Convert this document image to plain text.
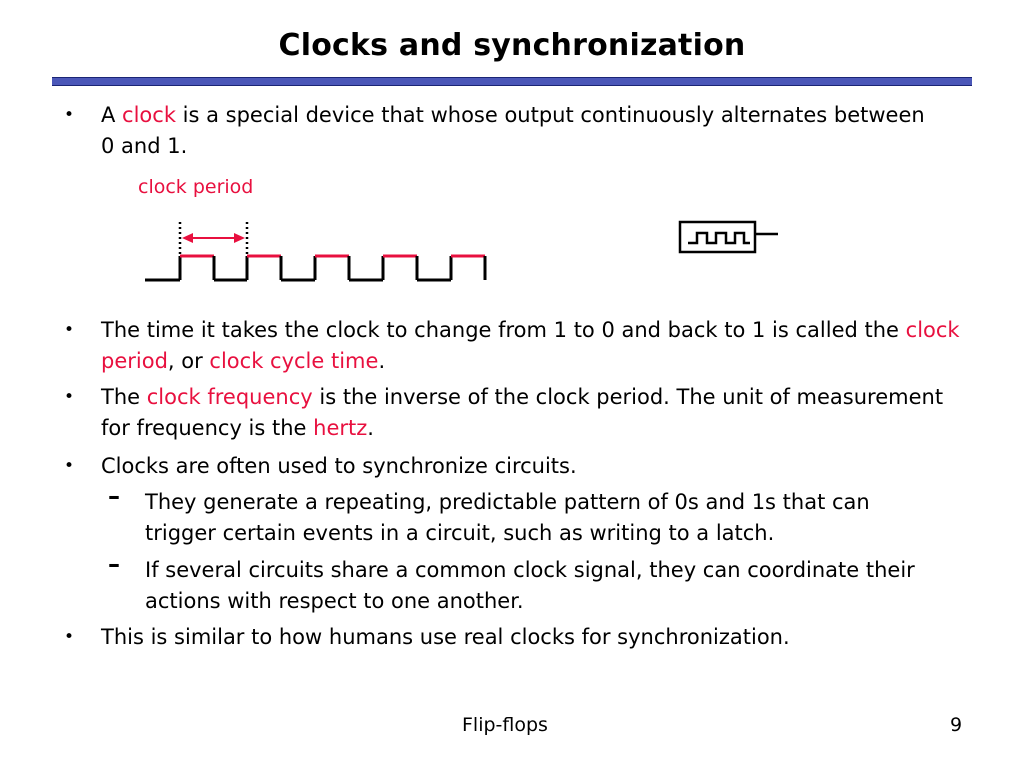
Clocks and synchronization
• A clock is a special device that whose output continuously alternates between 0 and 1.
clock period
• The time it takes the clock to change from 1 to 0 and back to 1 is called the clock period, or clock cycle time.
• The clock frequency is the inverse of the clock period. The unit of measurement for frequency is the hertz.
• Clocks are often used to synchronize circuits.
– They generate a repeating, predictable pattern of 0s and 1s that can trigger certain events in a circuit, such as writing to a latch.
– If several circuits share a common clock signal, they can coordinate their actions with respect to one another.
• This is similar to how humans use real clocks for synchronization.
Flip-flops	9
